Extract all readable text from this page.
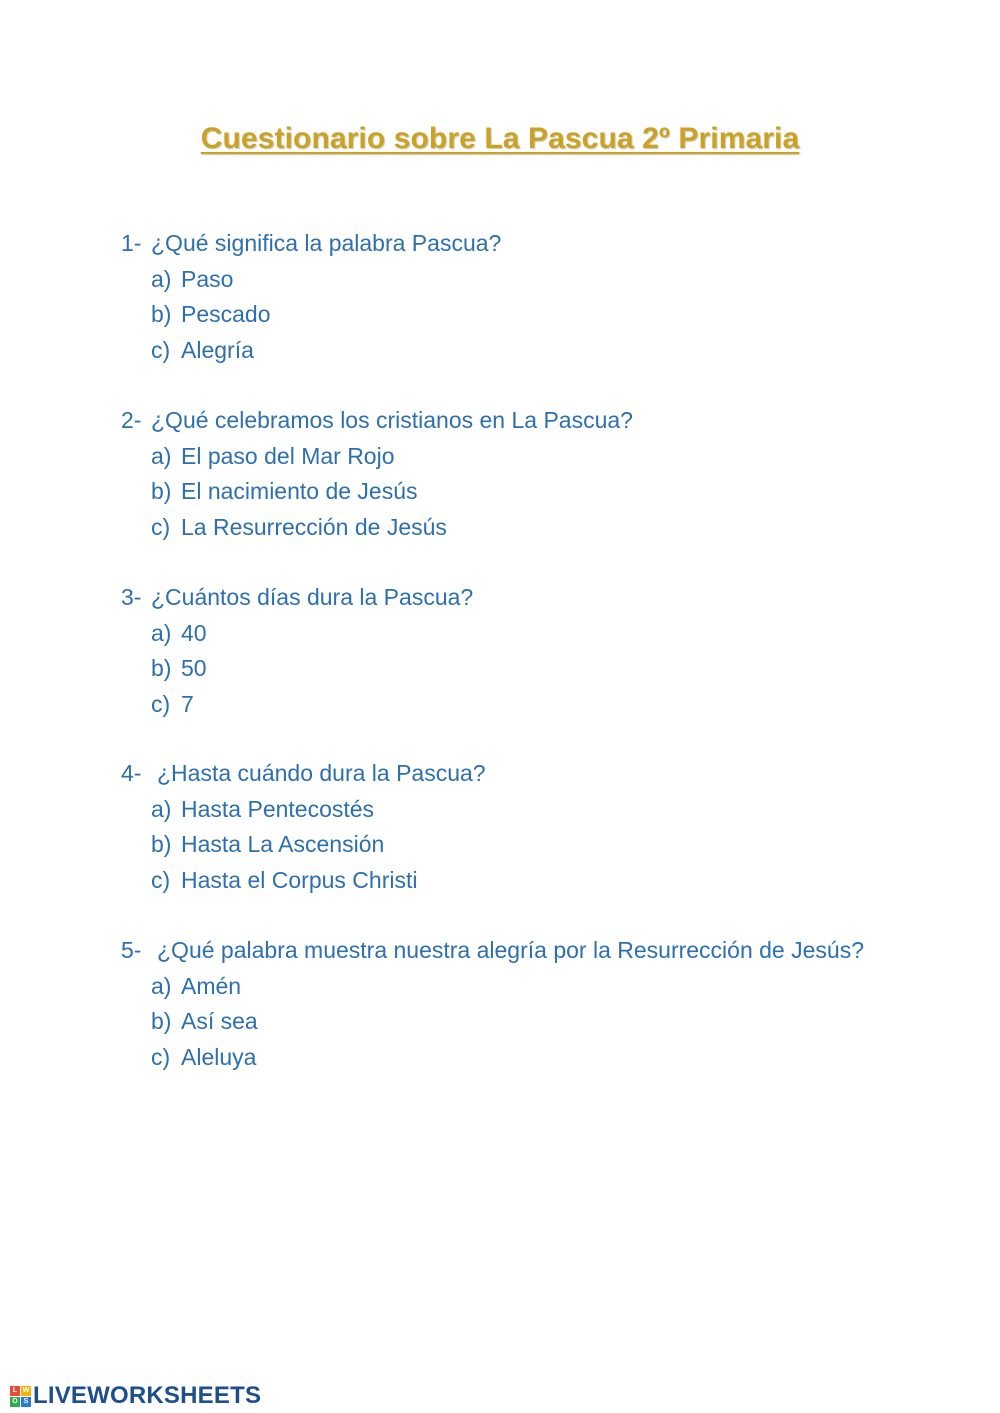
Cuestionario sobre La Pascua 2º Primaria
1- ¿Qué significa la palabra Pascua?
a) Paso
b) Pescado
c) Alegría
2- ¿Qué celebramos los cristianos en La Pascua?
a) El paso del Mar Rojo
b) El nacimiento de Jesús
c) La Resurrección de Jesús
3- ¿Cuántos días dura la Pascua?
a) 40
b) 50
c) 7
4- ¿Hasta cuándo dura la Pascua?
a) Hasta Pentecostés
b) Hasta La Ascensión
c) Hasta el Corpus Christi
5- ¿Qué palabra muestra nuestra alegría por la Resurrección de Jesús?
a) Amén
b) Así sea
c) Aleluya
L W
O S LIVEWORKSHEETS
